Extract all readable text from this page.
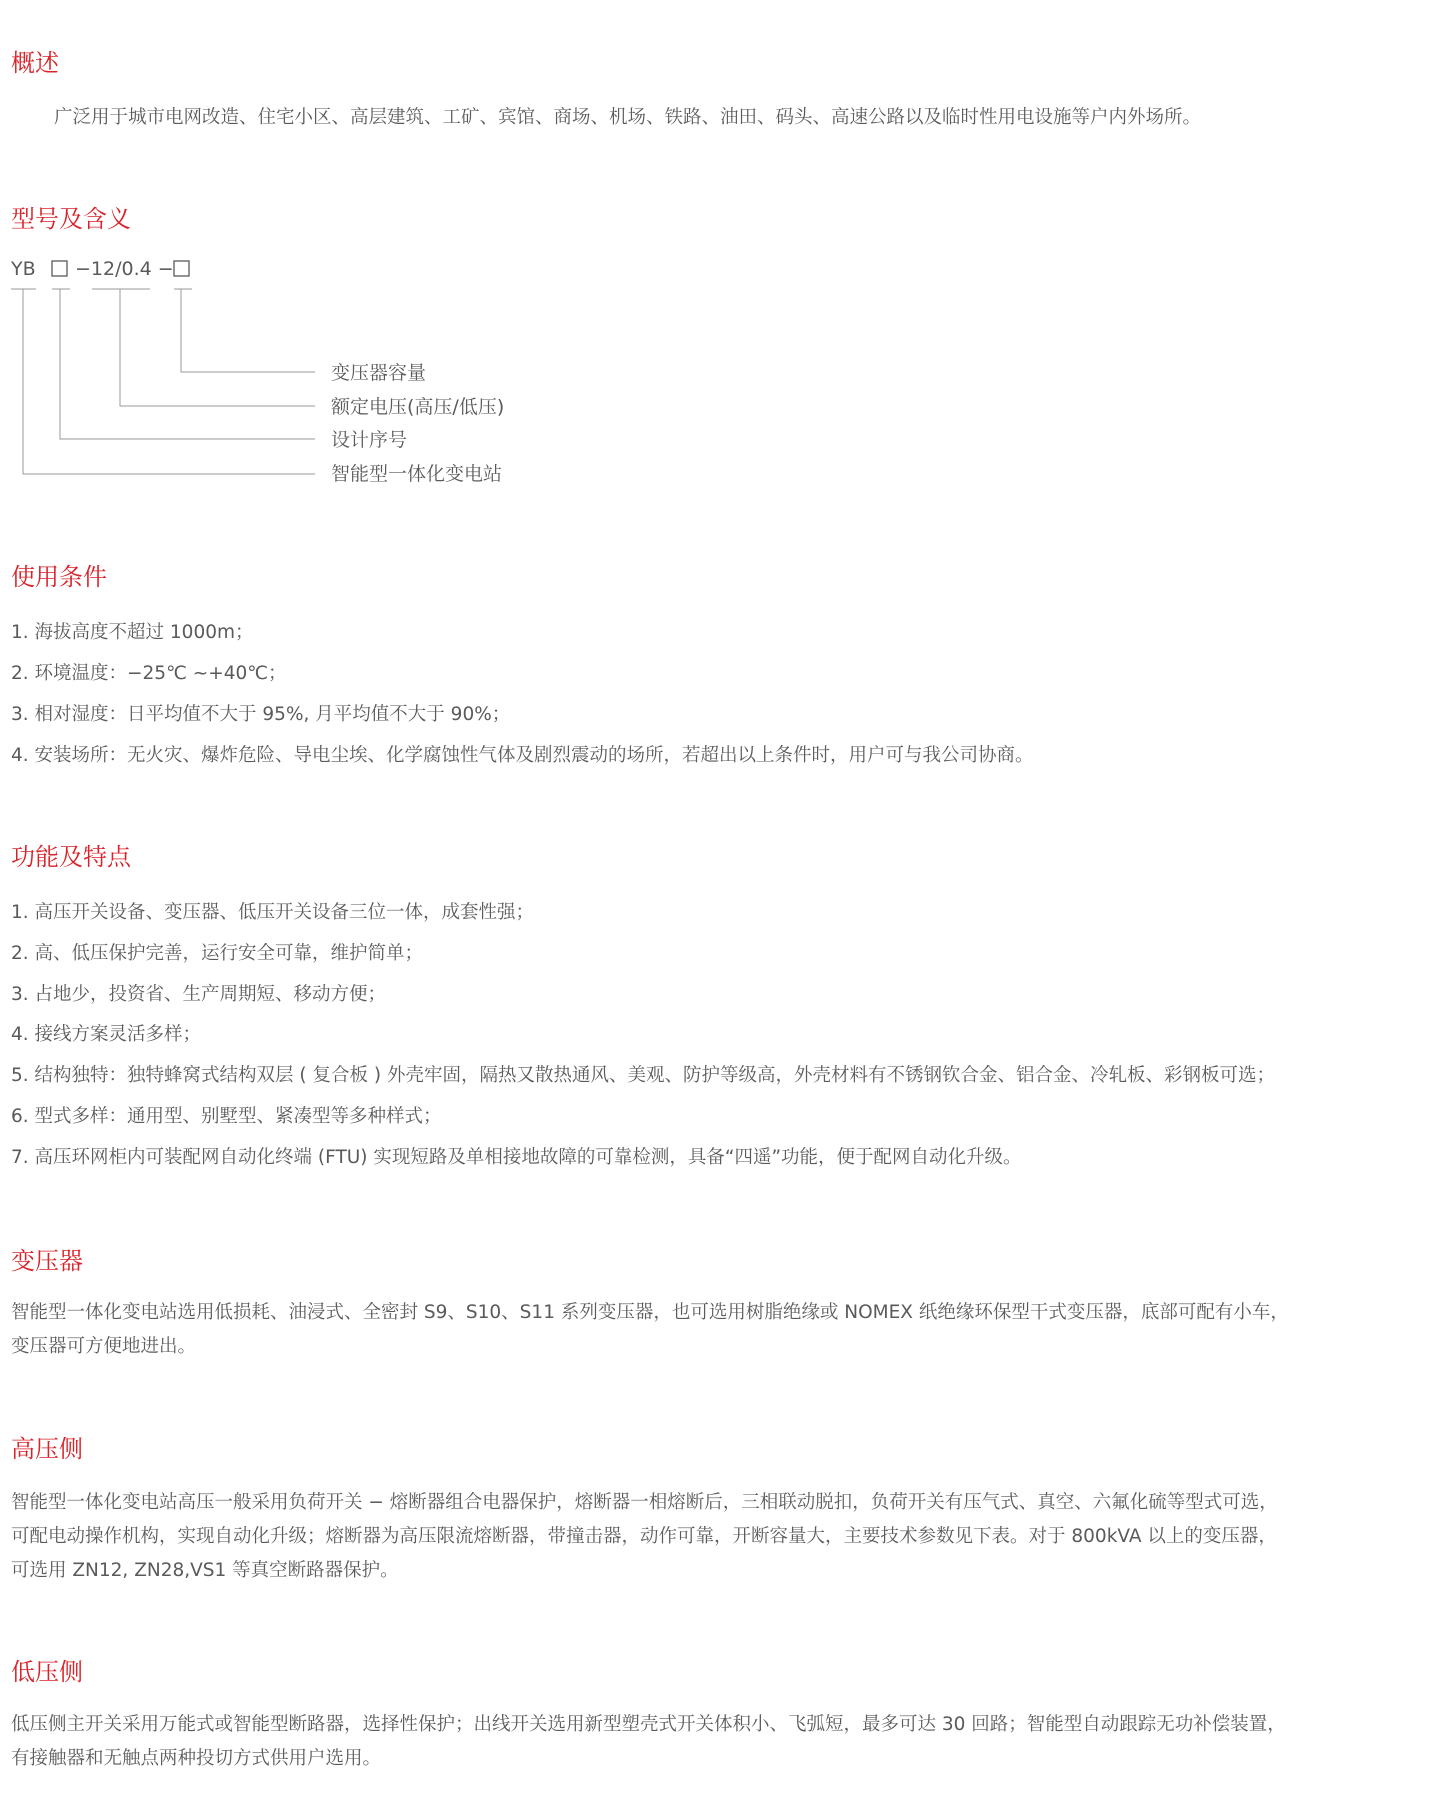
概述

广泛用于城市电网改造、住宅小区、高层建筑、工矿、宾馆、商场、机场、铁路、油田、码头、高速公路以及临时性用电设施等户内外场所。

型号及含义
YB −12/0.4 −
变压器容量
额定电压(高压/低压)
设计序号
智能型一体化变电站
使用条件

1. 海拔高度不超过 1000m；

2. 环境温度：−25℃ ~+40℃；

3. 相对湿度：日平均值不大于 95%, 月平均值不大于 90%；

4. 安装场所：无火灾、爆炸危险、导电尘埃、化学腐蚀性气体及剧烈震动的场所，若超出以上条件时，用户可与我公司协商。

功能及特点

1. 高压开关设备、变压器、低压开关设备三位一体，成套性强；

2. 高、低压保护完善，运行安全可靠，维护简单；

3. 占地少，投资省、生产周期短、移动方便；

4. 接线方案灵活多样；

5. 结构独特：独特蜂窝式结构双层 ( 复合板 ) 外壳牢固，隔热又散热通风、美观、防护等级高，外壳材料有不锈钢钦合金、铝合金、冷轧板、彩钢板可选；

6. 型式多样：通用型、别墅型、紧凑型等多种样式；

7. 高压环网柜内可装配网自动化终端 (FTU) 实现短路及单相接地故障的可靠检测，具备“四遥”功能，便于配网自动化升级。

变压器

智能型一体化变电站选用低损耗、油浸式、全密封 S9、S10、S11 系列变压器，也可选用树脂绝缘或 NOMEX 纸绝缘环保型干式变压器，底部可配有小车，

变压器可方便地进出。

高压侧

智能型一体化变电站高压一般采用负荷开关 − 熔断器组合电器保护，熔断器一相熔断后，三相联动脱扣，负荷开关有压气式、真空、六氟化硫等型式可选，

可配电动操作机构，实现自动化升级；熔断器为高压限流熔断器，带撞击器，动作可靠，开断容量大，主要技术参数见下表。对于 800kVA 以上的变压器，

可选用 ZN12, ZN28,VS1 等真空断路器保护。

低压侧

低压侧主开关采用万能式或智能型断路器，选择性保护；出线开关选用新型塑壳式开关体积小、飞弧短，最多可达 30 回路；智能型自动跟踪无功补偿装置，

有接触器和无触点两种投切方式供用户选用。
